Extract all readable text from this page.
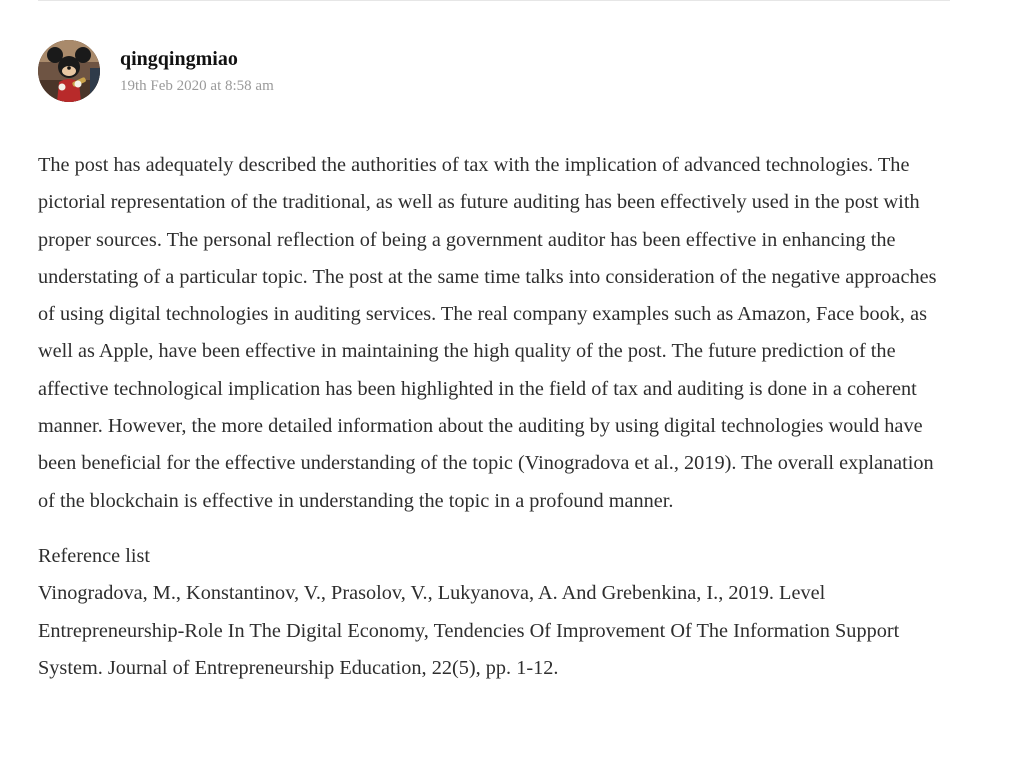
qingqingmiao
19th Feb 2020 at 8:58 am

The post has adequately described the authorities of tax with the implication of advanced technologies. The pictorial representation of the traditional, as well as future auditing has been effectively used in the post with proper sources. The personal reflection of being a government auditor has been effective in enhancing the understating of a particular topic. The post at the same time talks into consideration of the negative approaches of using digital technologies in auditing services. The real company examples such as Amazon, Face book, as well as Apple, have been effective in maintaining the high quality of the post. The future prediction of the affective technological implication has been highlighted in the field of tax and auditing is done in a coherent manner. However, the more detailed information about the auditing by using digital technologies would have been beneficial for the effective understanding of the topic (Vinogradova et al., 2019). The overall explanation of the blockchain is effective in understanding the topic in a profound manner.

Reference list

Vinogradova, M., Konstantinov, V., Prasolov, V., Lukyanova, A. And Grebenkina, I., 2019. Level Entrepreneurship-Role In The Digital Economy, Tendencies Of Improvement Of The Information Support System. Journal of Entrepreneurship Education, 22(5), pp. 1-12.
